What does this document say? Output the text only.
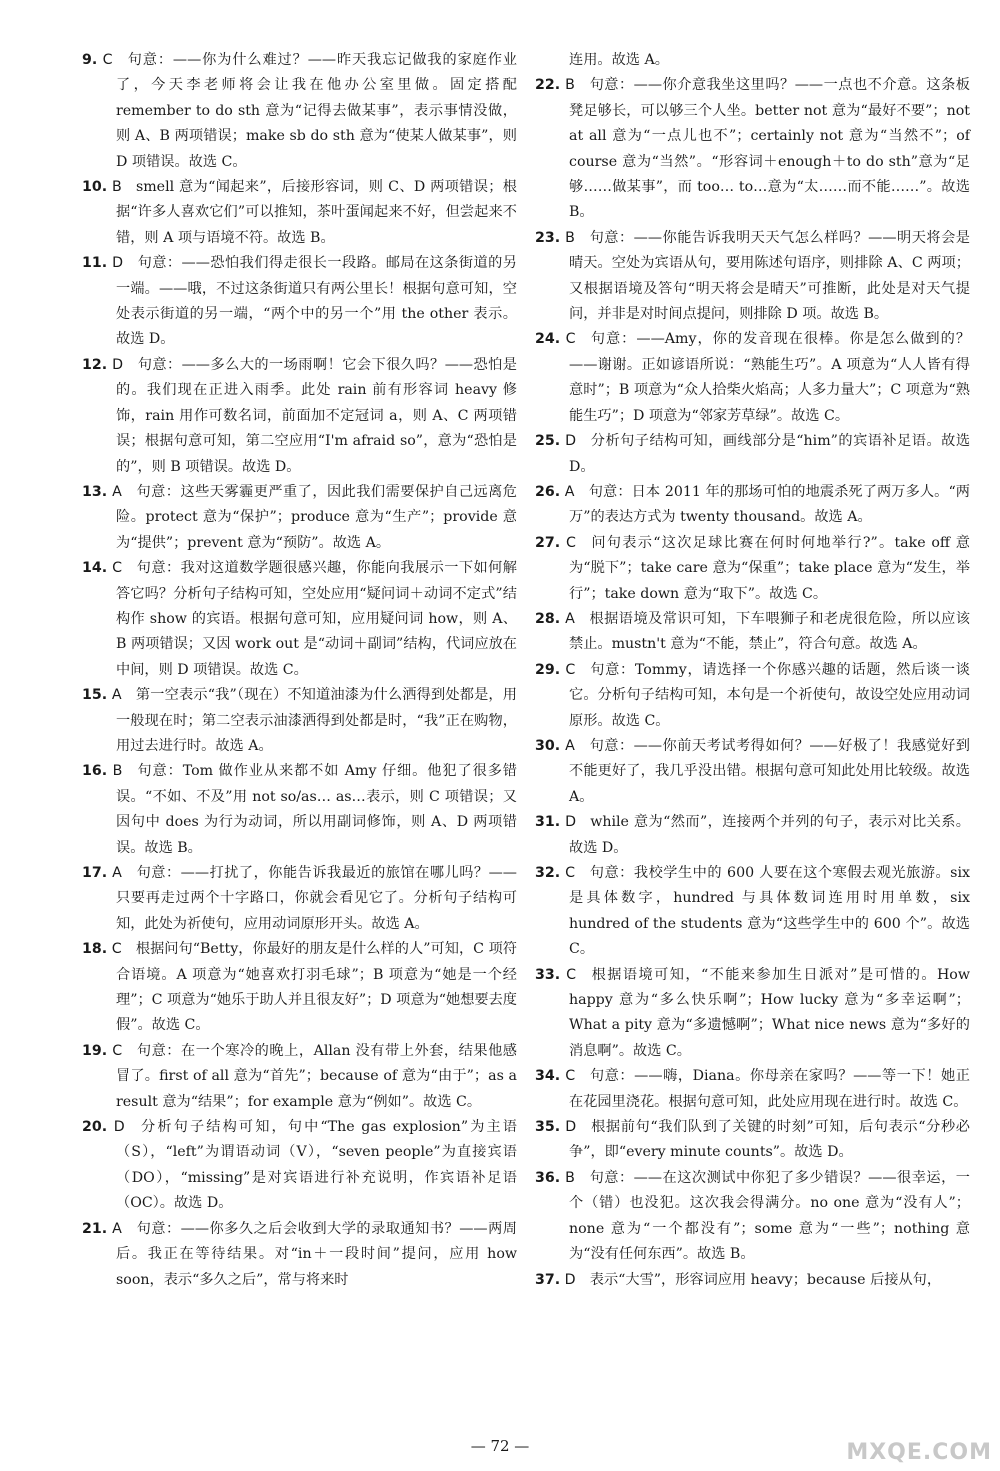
9. C  句意：——你为什么难过？——昨天我忘记做我的家庭作业了，今天李老师将会让我在他办公室里做。固定搭配 remember to do sth 意为“记得去做某事”，表示事情没做，则 A、B 两项错误；make sb do sth 意为“使某人做某事”，则 D 项错误。故选 C。

10. B  smell 意为“闻起来”，后接形容词，则 C、D 两项错误；根据“许多人喜欢它们”可以推知，茶叶蛋闻起来不好，但尝起来不错，则 A 项与语境不符。故选 B。

11. D  句意：——恐怕我们得走很长一段路。邮局在这条街道的另一端。——哦，不过这条街道只有两公里长！根据句意可知，空处表示街道的另一端，“两个中的另一个”用 the other 表示。故选 D。

12. D  句意：——多么大的一场雨啊！它会下很久吗？——恐怕是的。我们现在正进入雨季。此处 rain 前有形容词 heavy 修饰，rain 用作可数名词，前面加不定冠词 a，则 A、C 两项错误；根据句意可知，第二空应用“I'm afraid so”，意为“恐怕是的”，则 B 项错误。故选 D。

13. A  句意：这些天雾霾更严重了，因此我们需要保护自己远离危险。protect 意为“保护”；produce 意为“生产”；provide 意为“提供”；prevent 意为“预防”。故选 A。

14. C  句意：我对这道数学题很感兴趣，你能向我展示一下如何解答它吗？分析句子结构可知，空处应用“疑问词＋动词不定式”结构作 show 的宾语。根据句意可知，应用疑问词 how，则 A、B 两项错误；又因 work out 是“动词＋副词”结构，代词应放在中间，则 D 项错误。故选 C。

15. A  第一空表示“我”（现在）不知道油漆为什么洒得到处都是，用一般现在时；第二空表示油漆洒得到处都是时，“我”正在购物，用过去进行时。故选 A。

16. B  句意：Tom 做作业从来都不如 Amy 仔细。他犯了很多错误。“不如、不及”用 not so/as… as…表示，则 C 项错误；又因句中 does 为行为动词，所以用副词修饰，则 A、D 两项错误。故选 B。

17. A  句意：——打扰了，你能告诉我最近的旅馆在哪儿吗？——只要再走过两个十字路口，你就会看见它了。分析句子结构可知，此处为祈使句，应用动词原形开头。故选 A。

18. C  根据问句“Betty，你最好的朋友是什么样的人”可知，C 项符合语境。A 项意为“她喜欢打羽毛球”；B 项意为“她是一个经理”；C 项意为“她乐于助人并且很友好”；D 项意为“她想要去度假”。故选 C。

19. C  句意：在一个寒冷的晚上，Allan 没有带上外套，结果他感冒了。first of all 意为“首先”；because of 意为“由于”；as a result 意为“结果”；for example 意为“例如”。故选 C。

20. D  分析句子结构可知，句中“The gas explosion”为主语（S），“left”为谓语动词（V），“seven people”为直接宾语（DO），“missing”是对宾语进行补充说明，作宾语补足语（OC）。故选 D。

21. A  句意：——你多久之后会收到大学的录取通知书？——两周后。我正在等待结果。对“in＋一段时间”提问，应用 how soon，表示“多久之后”，常与将来时

连用。故选 A。

22. B  句意：——你介意我坐这里吗？——一点也不介意。这条板凳足够长，可以够三个人坐。better not 意为“最好不要”；not at all 意为“一点儿也不”；certainly not 意为“当然不”；of course 意为“当然”。“形容词＋enough＋to do sth”意为“足够……做某事”，而 too… to…意为“太……而不能……”。故选 B。

23. B  句意：——你能告诉我明天天气怎么样吗？——明天将会是晴天。空处为宾语从句，要用陈述句语序，则排除 A、C 两项；又根据语境及答句“明天将会是晴天”可推断，此处是对天气提问，并非是对时间点提问，则排除 D 项。故选 B。

24. C  句意：——Amy，你的发音现在很棒。你是怎么做到的？——谢谢。正如谚语所说：“熟能生巧”。A 项意为“人人皆有得意时”；B 项意为“众人拾柴火焰高；人多力量大”；C 项意为“熟能生巧”；D 项意为“邻家芳草绿”。故选 C。

25. D  分析句子结构可知，画线部分是“him”的宾语补足语。故选 D。

26. A  句意：日本 2011 年的那场可怕的地震杀死了两万多人。“两万”的表达方式为 twenty thousand。故选 A。

27. C  问句表示“这次足球比赛在何时何地举行?”。take off 意为“脱下”；take care 意为“保重”；take place 意为“发生，举行”；take down 意为“取下”。故选 C。

28. A  根据语境及常识可知，下车喂狮子和老虎很危险，所以应该禁止。mustn't 意为“不能，禁止”，符合句意。故选 A。

29. C  句意：Tommy，请选择一个你感兴趣的话题，然后谈一谈它。分析句子结构可知，本句是一个祈使句，故设空处应用动词原形。故选 C。

30. A  句意：——你前天考试考得如何？——好极了！我感觉好到不能更好了，我几乎没出错。根据句意可知此处用比较级。故选 A。

31. D  while 意为“然而”，连接两个并列的句子，表示对比关系。故选 D。

32. C  句意：我校学生中的 600 人要在这个寒假去观光旅游。six 是具体数字，hundred 与具体数词连用时用单数，six hundred of the students 意为“这些学生中的 600 个”。故选 C。

33. C  根据语境可知，“不能来参加生日派对”是可惜的。How happy 意为“多么快乐啊”；How lucky 意为“多幸运啊”；What a pity 意为“多遗憾啊”；What nice news 意为“多好的消息啊”。故选 C。

34. C  句意：——嗨，Diana。你母亲在家吗？——等一下！她正在花园里浇花。根据句意可知，此处应用现在进行时。故选 C。

35. D  根据前句“我们队到了关键的时刻”可知，后句表示“分秒必争”，即“every minute counts”。故选 D。

36. B  句意：——在这次测试中你犯了多少错误？——很幸运，一个（错）也没犯。这次我会得满分。no one 意为“没有人”；none 意为“一个都没有”；some 意为“一些”；nothing 意为“没有任何东西”。故选 B。

37. D  表示“大雪”，形容词应用 heavy；because 后接从句，

— 72 —	MXQE.COM
